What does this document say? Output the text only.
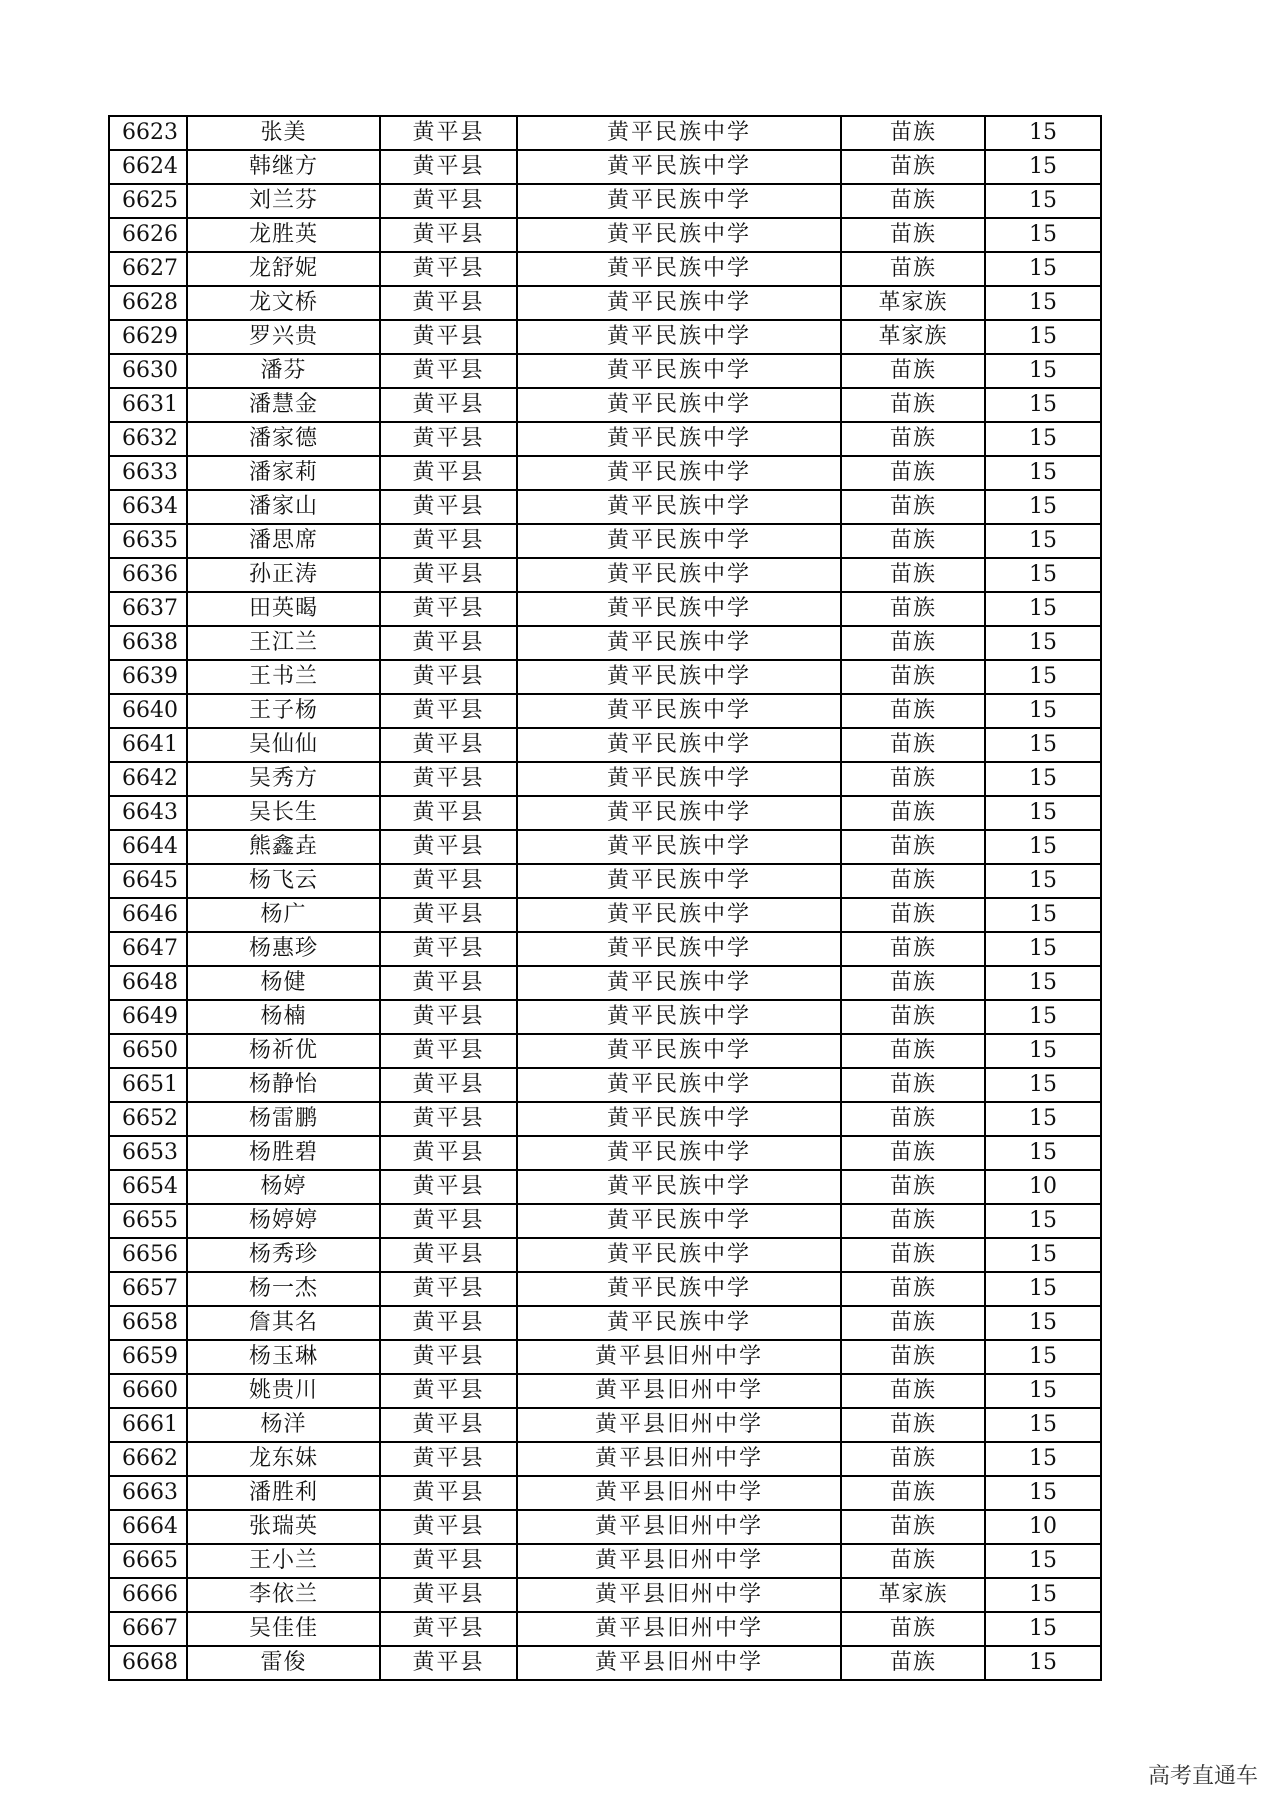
6623	张美	黄平县	黄平民族中学	苗族	15
6624	韩继方	黄平县	黄平民族中学	苗族	15
6625	刘兰芬	黄平县	黄平民族中学	苗族	15
6626	龙胜英	黄平县	黄平民族中学	苗族	15
6627	龙舒妮	黄平县	黄平民族中学	苗族	15
6628	龙文桥	黄平县	黄平民族中学	革家族	15
6629	罗兴贵	黄平县	黄平民族中学	革家族	15
6630	潘芬	黄平县	黄平民族中学	苗族	15
6631	潘慧金	黄平县	黄平民族中学	苗族	15
6632	潘家德	黄平县	黄平民族中学	苗族	15
6633	潘家莉	黄平县	黄平民族中学	苗族	15
6634	潘家山	黄平县	黄平民族中学	苗族	15
6635	潘思席	黄平县	黄平民族中学	苗族	15
6636	孙正涛	黄平县	黄平民族中学	苗族	15
6637	田英暍	黄平县	黄平民族中学	苗族	15
6638	王江兰	黄平县	黄平民族中学	苗族	15
6639	王书兰	黄平县	黄平民族中学	苗族	15
6640	王子杨	黄平县	黄平民族中学	苗族	15
6641	吴仙仙	黄平县	黄平民族中学	苗族	15
6642	吴秀方	黄平县	黄平民族中学	苗族	15
6643	吴长生	黄平县	黄平民族中学	苗族	15
6644	熊鑫垚	黄平县	黄平民族中学	苗族	15
6645	杨飞云	黄平县	黄平民族中学	苗族	15
6646	杨广	黄平县	黄平民族中学	苗族	15
6647	杨惠珍	黄平县	黄平民族中学	苗族	15
6648	杨健	黄平县	黄平民族中学	苗族	15
6649	杨楠	黄平县	黄平民族中学	苗族	15
6650	杨祈优	黄平县	黄平民族中学	苗族	15
6651	杨静怡	黄平县	黄平民族中学	苗族	15
6652	杨雷鹏	黄平县	黄平民族中学	苗族	15
6653	杨胜碧	黄平县	黄平民族中学	苗族	15
6654	杨婷	黄平县	黄平民族中学	苗族	10
6655	杨婷婷	黄平县	黄平民族中学	苗族	15
6656	杨秀珍	黄平县	黄平民族中学	苗族	15
6657	杨一杰	黄平县	黄平民族中学	苗族	15
6658	詹其名	黄平县	黄平民族中学	苗族	15
6659	杨玉琳	黄平县	黄平县旧州中学	苗族	15
6660	姚贵川	黄平县	黄平县旧州中学	苗族	15
6661	杨洋	黄平县	黄平县旧州中学	苗族	15
6662	龙东妹	黄平县	黄平县旧州中学	苗族	15
6663	潘胜利	黄平县	黄平县旧州中学	苗族	15
6664	张瑞英	黄平县	黄平县旧州中学	苗族	10
6665	王小兰	黄平县	黄平县旧州中学	苗族	15
6666	李依兰	黄平县	黄平县旧州中学	革家族	15
6667	吴佳佳	黄平县	黄平县旧州中学	苗族	15
6668	雷俊	黄平县	黄平县旧州中学	苗族	15
高考直通车
